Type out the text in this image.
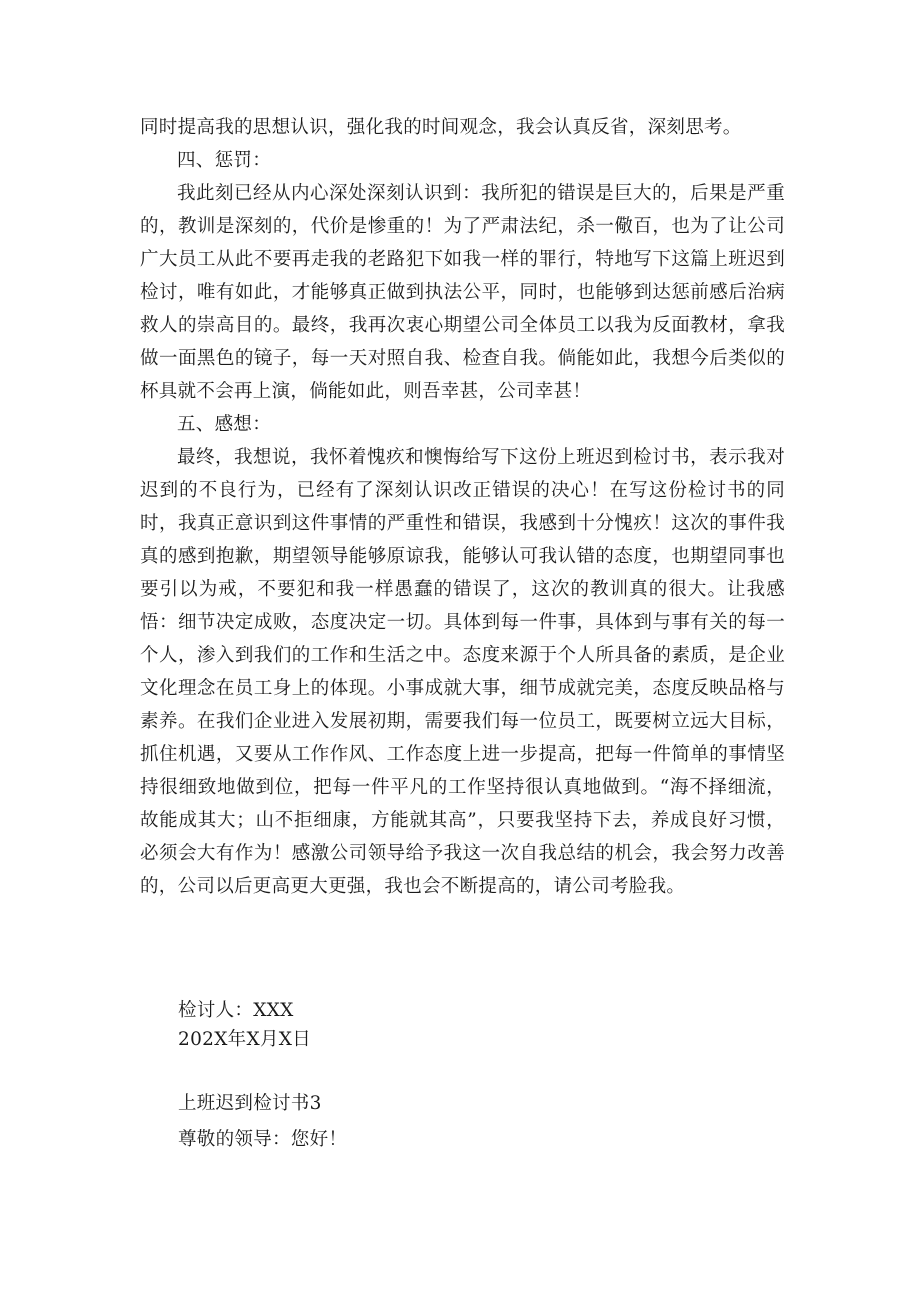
同时提高我的思想认识，强化我的时间观念，我会认真反省，深刻思考。

四、惩罚：

我此刻已经从内心深处深刻认识到：我所犯的错误是巨大的，后果是严重的，教训是深刻的，代价是惨重的！为了严肃法纪，杀一儆百，也为了让公司广大员工从此不要再走我的老路犯下如我一样的罪行，特地写下这篇上班迟到检讨，唯有如此，才能够真正做到执法公平，同时，也能够到达惩前感后治病救人的崇高目的。最终，我再次衷心期望公司全体员工以我为反面教材，拿我做一面黑色的镜子，每一天对照自我、检查自我。倘能如此，我想今后类似的杯具就不会再上演，倘能如此，则吾幸甚，公司幸甚！

五、感想：

最终，我想说，我怀着愧疚和懊悔给写下这份上班迟到检讨书，表示我对迟到的不良行为，已经有了深刻认识改正错误的决心！在写这份检讨书的同时，我真正意识到这件事情的严重性和错误，我感到十分愧疚！这次的事件我真的感到抱歉，期望领导能够原谅我，能够认可我认错的态度，也期望同事也要引以为戒，不要犯和我一样愚蠢的错误了，这次的教训真的很大。让我感悟：细节决定成败，态度决定一切。具体到每一件事，具体到与事有关的每一个人，渗入到我们的工作和生活之中。态度来源于个人所具备的素质，是企业文化理念在员工身上的体现。小事成就大事，细节成就完美，态度反映品格与素养。在我们企业进入发展初期，需要我们每一位员工，既要树立远大目标，抓住机遇，又要从工作作风、工作态度上进一步提高，把每一件简单的事情坚持很细致地做到位，把每一件平凡的工作坚持很认真地做到。“海不择细流，故能成其大；山不拒细康，方能就其高”，只要我坚持下去，养成良好习惯，必须会大有作为！感激公司领导给予我这一次自我总结的机会，我会努力改善的，公司以后更高更大更强，我也会不断提高的，请公司考脸我。

检讨人：XXX
202X年X月X日
上班迟到检讨书3
尊敬的领导：您好！
